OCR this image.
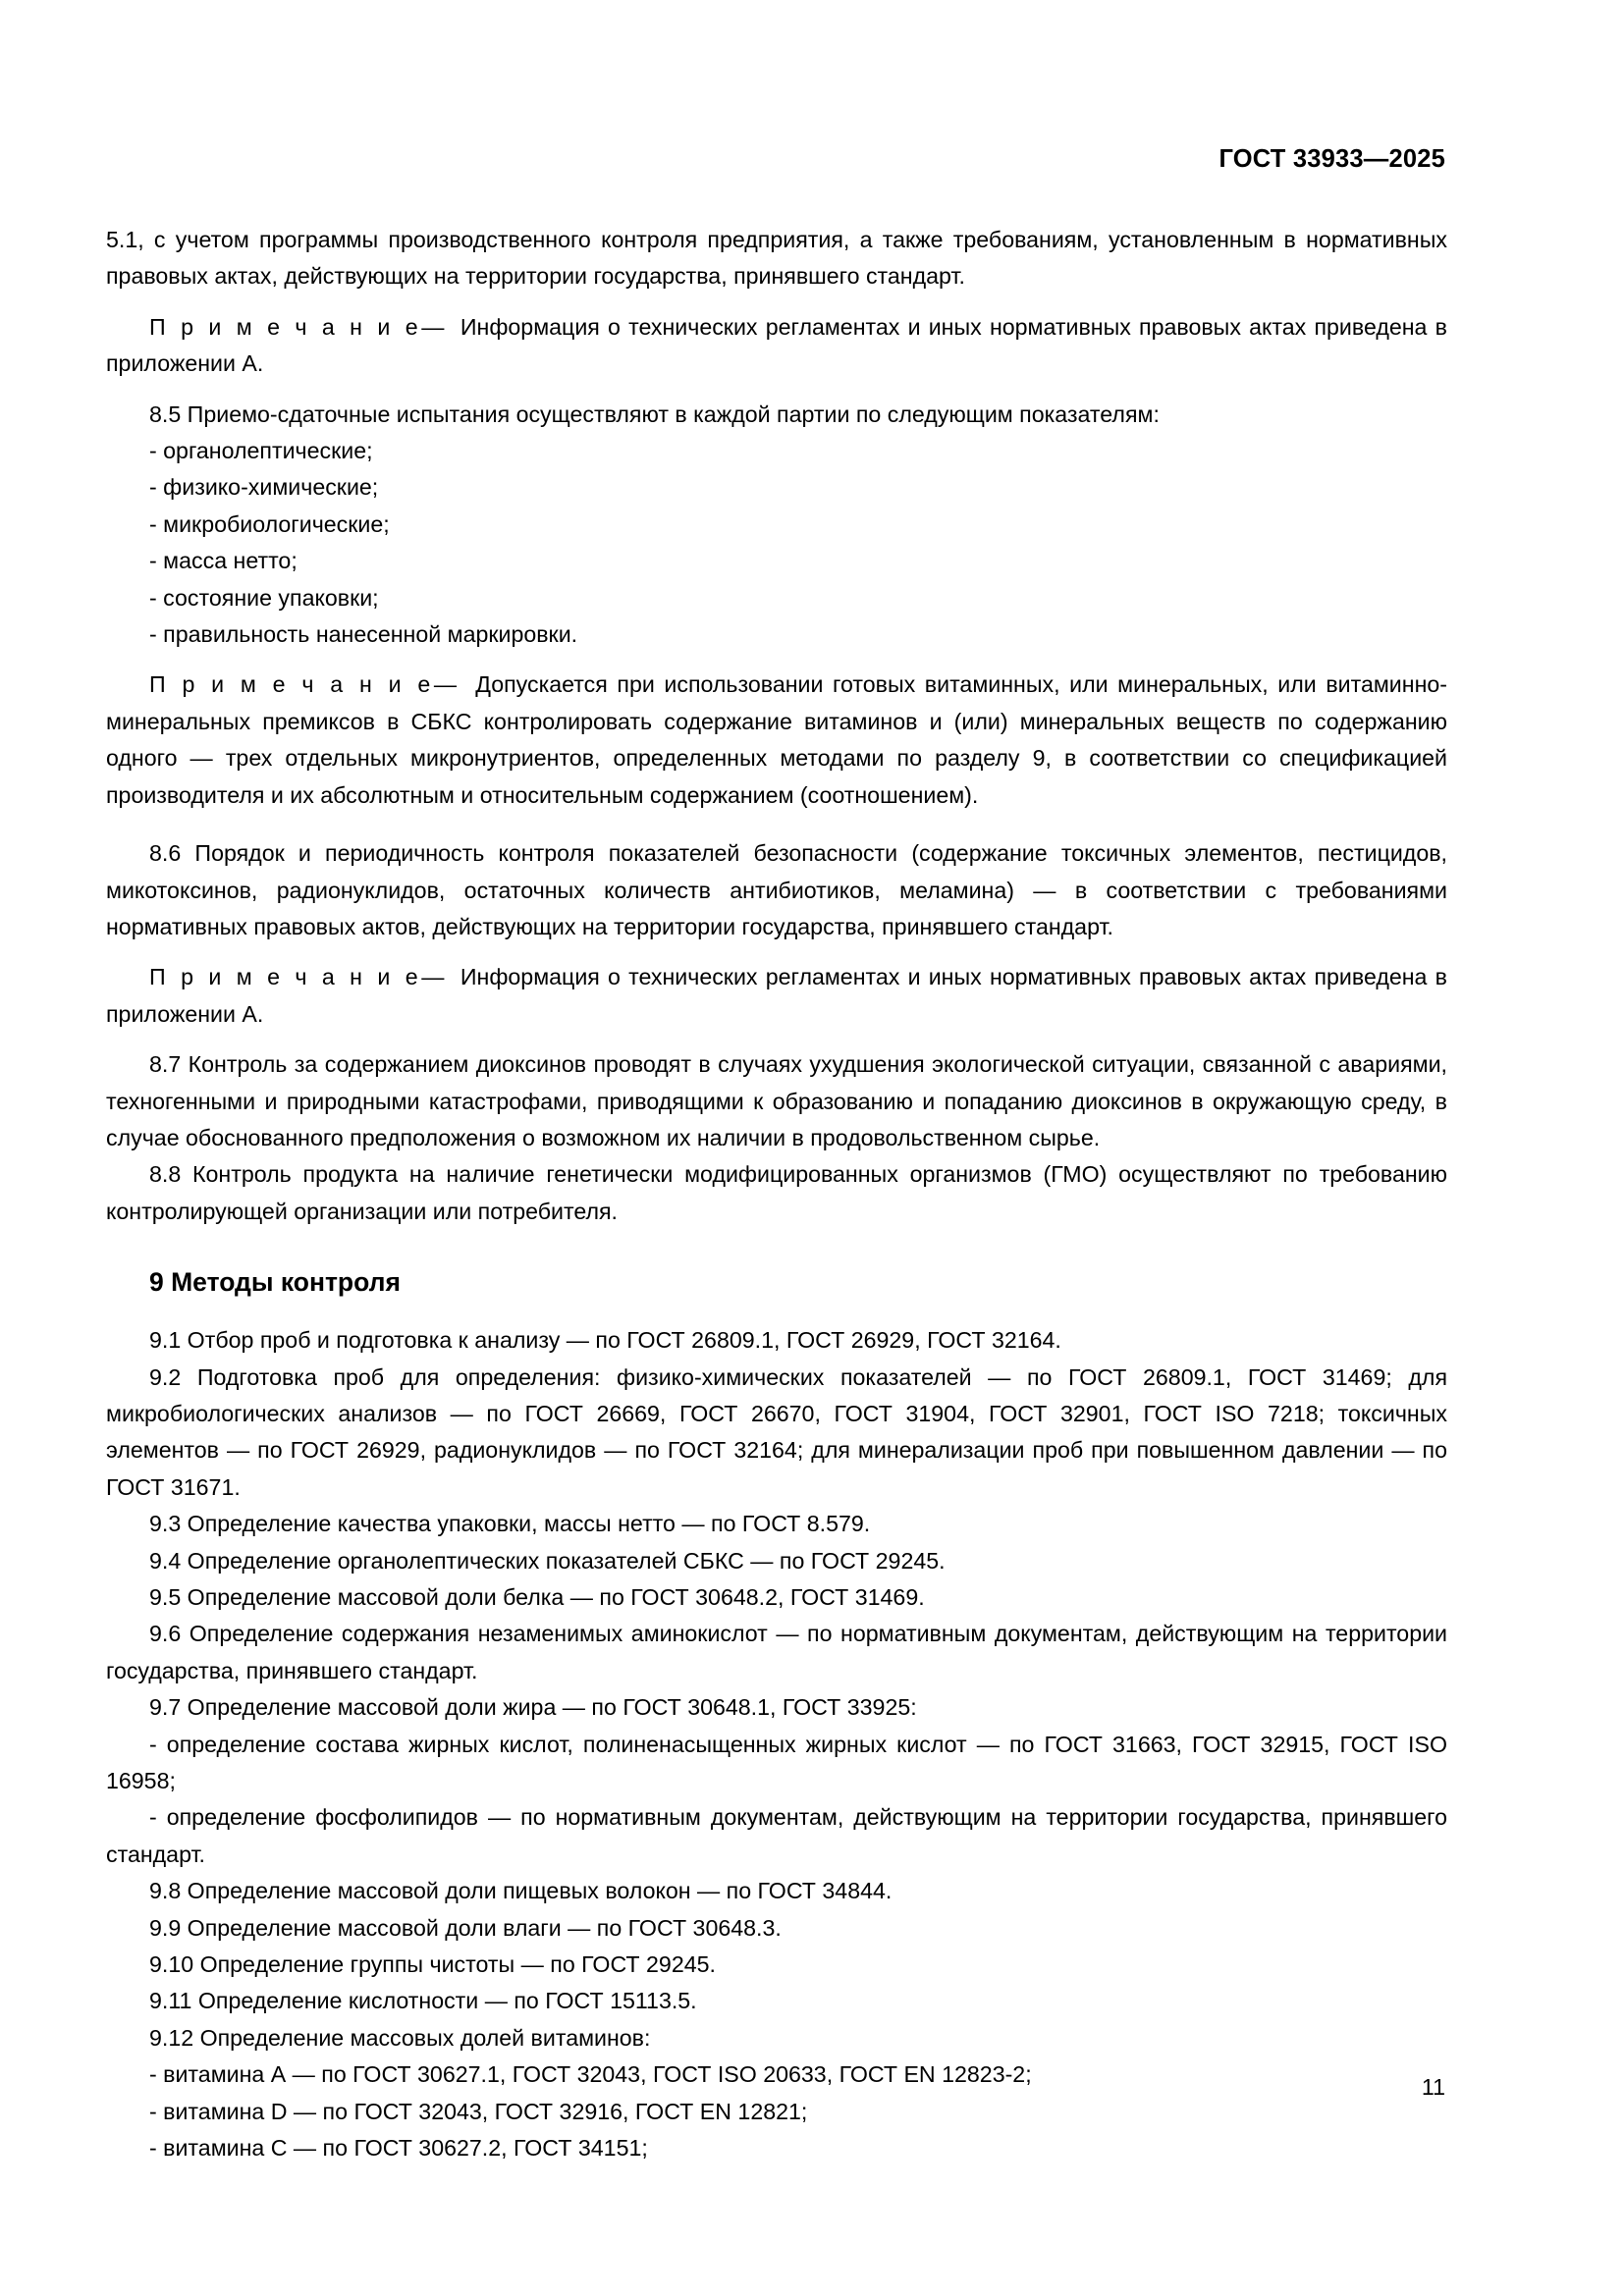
ГОСТ 33933—2025

5.1, с учетом программы производственного контроля предприятия, а также требованиям, установленным в нормативных правовых актах, действующих на территории государства, принявшего стандарт.

П р и м е ч а н и е— Информация о технических регламентах и иных нормативных правовых актах приведена в приложении А.

8.5 Приемо-сдаточные испытания осуществляют в каждой партии по следующим показателям:

- органолептические;

- физико-химические;

- микробиологические;

- масса нетто;

- состояние упаковки;

- правильность нанесенной маркировки.

П р и м е ч а н и е— Допускается при использовании готовых витаминных, или минеральных, или витаминно-минеральных премиксов в СБКС контролировать содержание витаминов и (или) минеральных веществ по содержанию одного — трех отдельных микронутриентов, определенных методами по разделу 9, в соответствии со спецификацией производителя и их абсолютным и относительным содержанием (соотношением).

8.6 Порядок и периодичность контроля показателей безопасности (содержание токсичных элементов, пестицидов, микотоксинов, радионуклидов, остаточных количеств антибиотиков, меламина) — в соответствии с требованиями нормативных правовых актов, действующих на территории государства, принявшего стандарт.

П р и м е ч а н и е— Информация о технических регламентах и иных нормативных правовых актах приведена в приложении А.

8.7 Контроль за содержанием диоксинов проводят в случаях ухудшения экологической ситуации, связанной с авариями, техногенными и природными катастрофами, приводящими к образованию и попаданию диоксинов в окружающую среду, в случае обоснованного предположения о возможном их наличии в продовольственном сырье.

8.8 Контроль продукта на наличие генетически модифицированных организмов (ГМО) осуществляют по требованию контролирующей организации или потребителя.

9 Методы контроля

9.1 Отбор проб и подготовка к анализу — по ГОСТ 26809.1, ГОСТ 26929, ГОСТ 32164.

9.2 Подготовка проб для определения: физико-химических показателей — по ГОСТ 26809.1, ГОСТ 31469; для микробиологических анализов — по ГОСТ 26669, ГОСТ 26670, ГОСТ 31904, ГОСТ 32901, ГОСТ ISO 7218; токсичных элементов — по ГОСТ 26929, радионуклидов — по ГОСТ 32164; для минерализации проб при повышенном давлении — по ГОСТ 31671.

9.3 Определение качества упаковки, массы нетто — по ГОСТ 8.579.

9.4 Определение органолептических показателей СБКС — по ГОСТ 29245.

9.5 Определение массовой доли белка — по ГОСТ 30648.2, ГОСТ 31469.

9.6 Определение содержания незаменимых аминокислот — по нормативным документам, действующим на территории государства, принявшего стандарт.

9.7 Определение массовой доли жира — по ГОСТ 30648.1, ГОСТ 33925:

- определение состава жирных кислот, полиненасыщенных жирных кислот — по ГОСТ 31663, ГОСТ 32915, ГОСТ ISO 16958;

- определение фосфолипидов — по нормативным документам, действующим на территории государства, принявшего стандарт.

9.8 Определение массовой доли пищевых волокон — по ГОСТ 34844.

9.9 Определение массовой доли влаги — по ГОСТ 30648.3.

9.10 Определение группы чистоты — по ГОСТ 29245.

9.11 Определение кислотности — по ГОСТ 15113.5.

9.12 Определение массовых долей витаминов:

- витамина А — по ГОСТ 30627.1, ГОСТ 32043, ГОСТ ISO 20633, ГОСТ EN 12823-2;

- витамина D — по ГОСТ 32043, ГОСТ 32916, ГОСТ EN 12821;

- витамина С — по ГОСТ 30627.2, ГОСТ 34151;

11
